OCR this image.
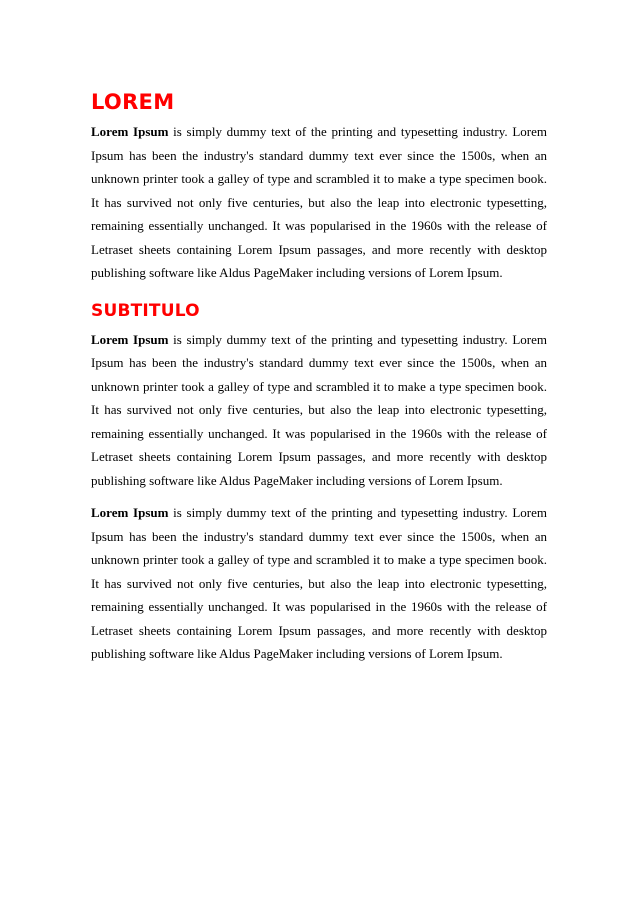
LOREM

Lorem Ipsum is simply dummy text of the printing and typesetting industry. Lorem Ipsum has been the industry's standard dummy text ever since the 1500s, when an unknown printer took a galley of type and scrambled it to make a type specimen book. It has survived not only five centuries, but also the leap into electronic typesetting, remaining essentially unchanged. It was popularised in the 1960s with the release of Letraset sheets containing Lorem Ipsum passages, and more recently with desktop publishing software like Aldus PageMaker including versions of Lorem Ipsum.

SUBTITULO

Lorem Ipsum is simply dummy text of the printing and typesetting industry. Lorem Ipsum has been the industry's standard dummy text ever since the 1500s, when an unknown printer took a galley of type and scrambled it to make a type specimen book. It has survived not only five centuries, but also the leap into electronic typesetting, remaining essentially unchanged. It was popularised in the 1960s with the release of Letraset sheets containing Lorem Ipsum passages, and more recently with desktop publishing software like Aldus PageMaker including versions of Lorem Ipsum.

Lorem Ipsum is simply dummy text of the printing and typesetting industry. Lorem Ipsum has been the industry's standard dummy text ever since the 1500s, when an unknown printer took a galley of type and scrambled it to make a type specimen book. It has survived not only five centuries, but also the leap into electronic typesetting, remaining essentially unchanged. It was popularised in the 1960s with the release of Letraset sheets containing Lorem Ipsum passages, and more recently with desktop publishing software like Aldus PageMaker including versions of Lorem Ipsum.
